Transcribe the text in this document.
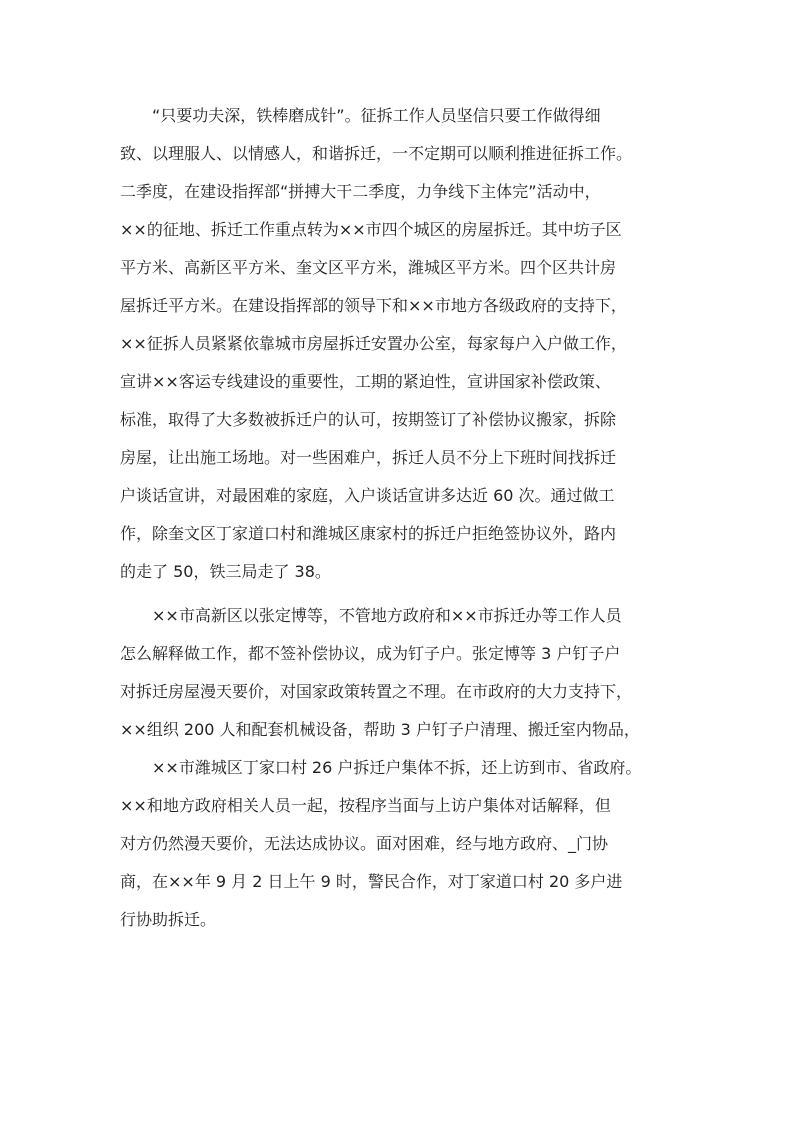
　　“只要功夫深，铁棒磨成针”。征拆工作人员坚信只要工作做得细

致、以理服人、以情感人，和谐拆迁，一不定期可以顺利推进征拆工作。

二季度，在建设指挥部“拼搏大干二季度，力争线下主体完”活动中，

××的征地、拆迁工作重点转为××市四个城区的房屋拆迁。其中坊子区

平方米、高新区平方米、奎文区平方米，潍城区平方米。四个区共计房

屋拆迁平方米。在建设指挥部的领导下和××市地方各级政府的支持下，

××征拆人员紧紧依靠城市房屋拆迁安置办公室，每家每户入户做工作，

宣讲××客运专线建设的重要性，工期的紧迫性，宣讲国家补偿政策、

标准，取得了大多数被拆迁户的认可，按期签订了补偿协议搬家，拆除

房屋，让出施工场地。对一些困难户，拆迁人员不分上下班时间找拆迁

户谈话宣讲，对最困难的家庭，入户谈话宣讲多达近 60 次。通过做工

作，除奎文区丁家道口村和潍城区康家村的拆迁户拒绝签协议外，路内

的走了 50，铁三局走了 38。

　　××市高新区以张定博等，不管地方政府和××市拆迁办等工作人员

怎么解释做工作，都不签补偿协议，成为钉子户。张定博等 3 户钉子户

对拆迁房屋漫天要价，对国家政策转置之不理。在市政府的大力支持下，

××组织 200 人和配套机械设备，帮助 3 户钉子户清理、搬迁室内物品，

　　××市潍城区丁家口村 26 户拆迁户集体不拆，还上访到市、省政府。

××和地方政府相关人员一起，按程序当面与上访户集体对话解释，但

对方仍然漫天要价，无法达成协议。面对困难，经与地方政府、_门协

商，在××年 9 月 2 日上午 9 时，警民合作，对丁家道口村 20 多户进

行协助拆迁。
